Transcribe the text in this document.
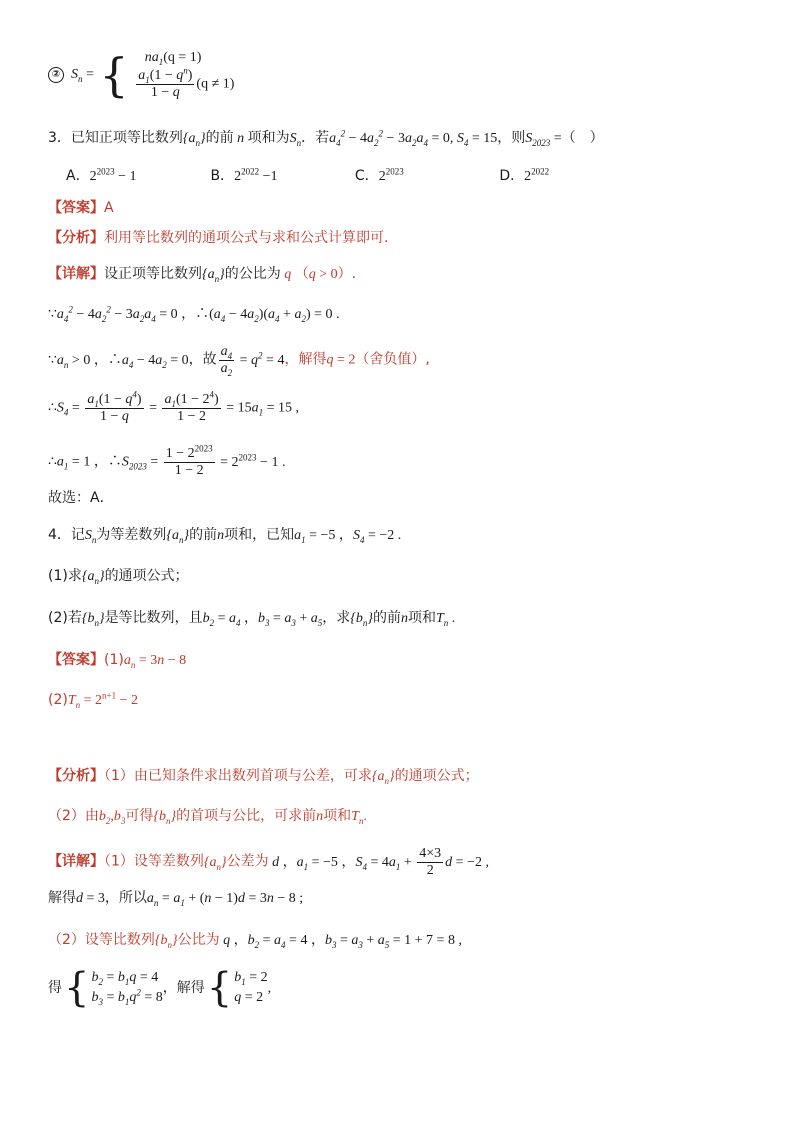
②  $S_n$ = { $na_1(q = 1)$
$\frac{a_1(1 - q^n)}{1 - q} (q \ne 1)$
3．已知正项等比数列$\{a_n\}$的前 n 项和为$S_n$．若$a_4^2 - 4a_2^2 - 3a_2a_4 = 0$, $S_4 = 15$，则$S_{2023}$ =（　）
A．$2^{2023} - 1$	B．$2^{2022} -1$	C．$2^{2023}$	D．$2^{2022}$
【答案】A
【分析】利用等比数列的通项公式与求和公式计算即可.
【详解】设正项等比数列$\{a_n\}$的公比为 q （q > 0）.
$\because a_4^2 - 4a_2^2 - 3a_2a_4 = 0$ ，$\therefore(a_4 - 4a_2)(a_4 + a_2) = 0$ .
$\because a_n > 0$ ，$\therefore a_4 - 4a_2 = 0$，故 $\frac{a_4}{a_2} = q^2 = 4$，解得q = 2（舍负值）,
$\therefore S_4 = \frac{a_1(1 - q^4)}{1 - q} = \frac{a_1(1 - 2^4)}{1 - 2} = 15a_1 = 15$ ,
$\therefore a_1 = 1$ ，$\therefore S_{2023} = \frac{1 - 2^{2023}}{1 - 2} = 2^{2023} - 1$ .
故选：A．
4．记$S_n$为等差数列$\{a_n\}$的前n项和，已知$a_1 = -5$ ，$S_4 = -2$ .
(1)求$\{a_n\}$的通项公式；
(2)若$\{b_n\}$是等比数列，且$b_2 = a_4$ ，$b_3 = a_3 + a_5$，求$\{b_n\}$的前n项和$T_n$ .
【答案】$(1)a_n = 3n - 8$
$(2)T_n = 2^{n+1} - 2$
【分析】（1）由已知条件求出数列首项与公差，可求$\{a_n\}$的通项公式；
（2）由$b_2,b_3$可得$\{b_n\}$的首项与公比，可求前n项和$T_n$.
【详解】（1）设等差数列$\{a_n\}$公差为 d ，$a_1 = -5$ ，$S_4 = 4a_1 + \frac{4\times 3}{2}$ d = −2 ,
解得d = 3，所以$a_n = a_1 + (n - 1)d = 3n - 8$ ;
（2）设等比数列$\{b_n\}$公比为 q ，$b_2 = a_4 = 4$ ，$b_3 = a_3 + a_5 = 1 + 7 = 8$ ,
得{ $b_2 = b_1q = 4$
$b_3 = b_1q^2 = 8$
，解得{ $b_1 = 2$
q = 2
,
